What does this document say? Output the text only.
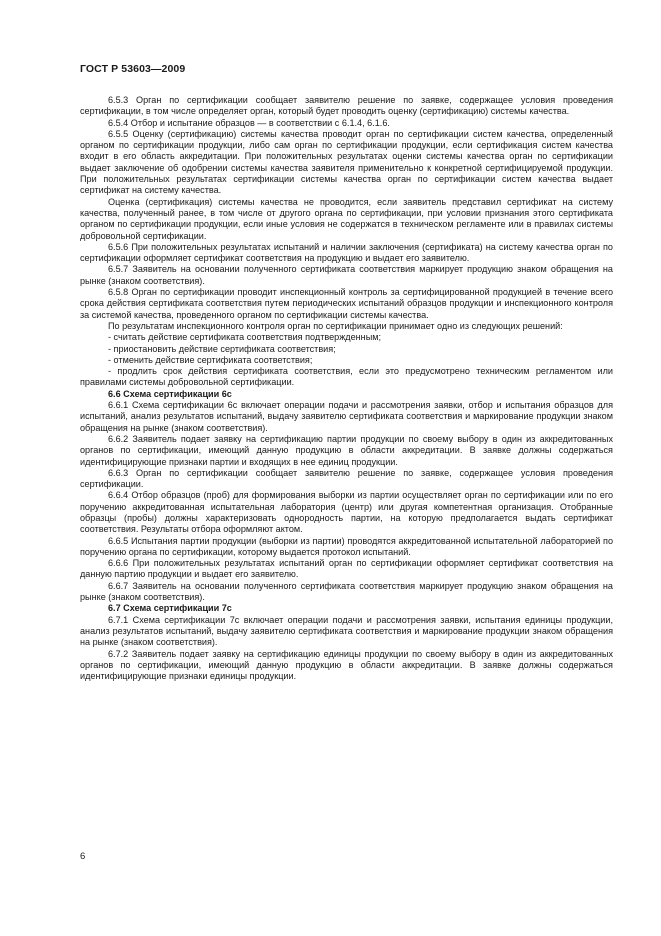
ГОСТ Р 53603—2009

6.5.3 Орган по сертификации сообщает заявителю решение по заявке, содержащее условия проведения сертификации, в том числе определяет орган, который будет проводить оценку (сертификацию) системы качества.

6.5.4 Отбор и испытание образцов — в соответствии с 6.1.4, 6.1.6.

6.5.5 Оценку (сертификацию) системы качества проводит орган по сертификации систем качества, определенный органом по сертификации продукции, либо сам орган по сертификации продукции, если сертификация систем качества входит в его область аккредитации. При положительных результатах оценки системы качества орган по сертификации выдает заключение об одобрении системы качества заявителя применительно к конкретной сертифицируемой продукции. При положительных результатах сертификации системы качества орган по сертификации систем качества выдает сертификат на систему качества.

Оценка (сертификация) системы качества не проводится, если заявитель представил сертификат на систему качества, полученный ранее, в том числе от другого органа по сертификации, при условии признания этого сертификата органом по сертификации продукции, если иные условия не содержатся в техническом регламенте или в правилах системы добровольной сертификации.

6.5.6 При положительных результатах испытаний и наличии заключения (сертификата) на систему качества орган по сертификации оформляет сертификат соответствия на продукцию и выдает его заявителю.

6.5.7 Заявитель на основании полученного сертификата соответствия маркирует продукцию знаком обращения на рынке (знаком соответствия).

6.5.8 Орган по сертификации проводит инспекционный контроль за сертифицированной продукцией в течение всего срока действия сертификата соответствия путем периодических испытаний образцов продукции и инспекционного контроля за системой качества, проведенного органом по сертификации системы качества.

По результатам инспекционного контроля орган по сертификации принимает одно из следующих решений:

- считать действие сертификата соответствия подтвержденным;

- приостановить действие сертификата соответствия;

- отменить действие сертификата соответствия;

- продлить срок действия сертификата соответствия, если это предусмотрено техническим регламентом или правилами системы добровольной сертификации.

6.6 Схема сертификации 6с

6.6.1 Схема сертификации 6с включает операции подачи и рассмотрения заявки, отбор и испытания образцов для испытаний, анализ результатов испытаний, выдачу заявителю сертификата соответствия и маркирование продукции знаком обращения на рынке (знаком соответствия).

6.6.2 Заявитель подает заявку на сертификацию партии продукции по своему выбору в один из аккредитованных органов по сертификации, имеющий данную продукцию в области аккредитации. В заявке должны содержаться идентифицирующие признаки партии и входящих в нее единиц продукции.

6.6.3 Орган по сертификации сообщает заявителю решение по заявке, содержащее условия проведения сертификации.

6.6.4 Отбор образцов (проб) для формирования выборки из партии осуществляет орган по сертификации или по его поручению аккредитованная испытательная лаборатория (центр) или другая компетентная организация. Отобранные образцы (пробы) должны характеризовать однородность партии, на которую предполагается выдать сертификат соответствия. Результаты отбора оформляют актом.

6.6.5 Испытания партии продукции (выборки из партии) проводятся аккредитованной испытательной лабораторией по поручению органа по сертификации, которому выдается протокол испытаний.

6.6.6 При положительных результатах испытаний орган по сертификации оформляет сертификат соответствия на данную партию продукции и выдает его заявителю.

6.6.7 Заявитель на основании полученного сертификата соответствия маркирует продукцию знаком обращения на рынке (знаком соответствия).

6.7 Схема сертификации 7с

6.7.1 Схема сертификации 7с включает операции подачи и рассмотрения заявки, испытания единицы продукции, анализ результатов испытаний, выдачу заявителю сертификата соответствия и маркирование продукции знаком обращения на рынке (знаком соответствия).

6.7.2 Заявитель подает заявку на сертификацию единицы продукции по своему выбору в один из аккредитованных органов по сертификации, имеющий данную продукцию в области аккредитации. В заявке должны содержаться идентифицирующие признаки единицы продукции.

6
